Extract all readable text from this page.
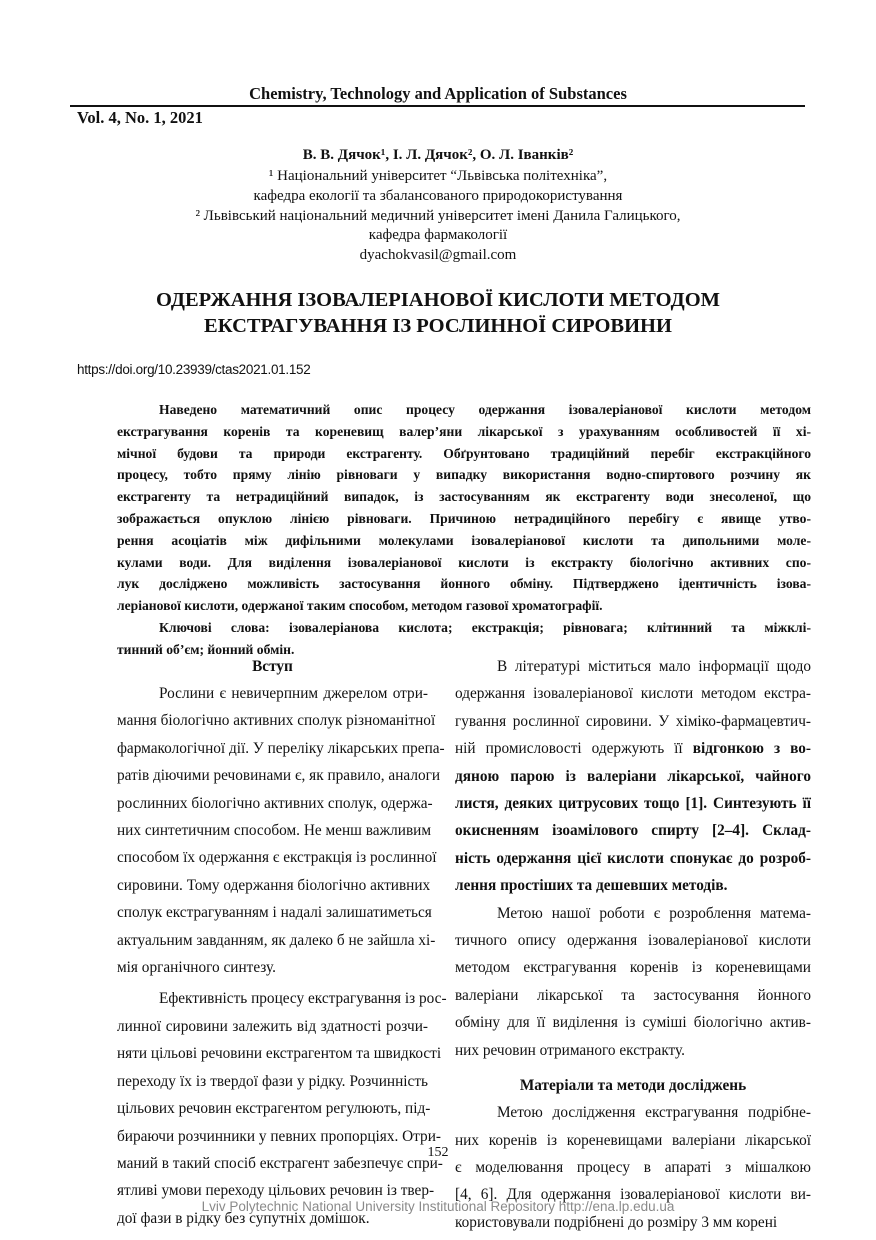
Chemistry, Technology and Application of Substances
Vol. 4, No. 1, 2021
В. В. Дячок¹, І. Л. Дячок², О. Л. Іванків²
¹ Національний університет “Львівська політехніка”,
кафедра екології та збалансованого природокористування
² Львівський національний медичний університет імені Данила Галицького,
кафедра фармакології
dyachokvasil@gmail.com
ОДЕРЖАННЯ ІЗОВАЛЕРІАНОВОЇ КИСЛОТИ МЕТОДОМ
ЕКСТРАГУВАННЯ ІЗ РОСЛИННОЇ СИРОВИНИ
https://doi.org/10.23939/ctas2021.01.152
Наведено математичний опис процесу одержання ізовалеріанової кислоти методом
екстрагування коренів та кореневищ валер’яни лікарської з урахуванням особливостей її хі-
мічної будови та природи екстрагенту. Обґрунтовано традиційний перебіг екстракційного
процесу, тобто пряму лінію рівноваги у випадку використання водно-спиртового розчину як
екстрагенту та нетрадиційний випадок, із застосуванням як екстрагенту води знесоленої, що
зображається опуклою лінією рівноваги. Причиною нетрадиційного перебігу є явище утво-
рення асоціатів між дифільними молекулами ізовалеріанової кислоти та дипольними моле-
кулами води. Для виділення ізовалеріанової кислоти із екстракту біологічно активних спо-
лук досліджено можливість застосування йонного обміну. Підтверджено ідентичність ізова-
леріанової кислоти, одержаної таким способом, методом газової хроматографії.
Ключові слова: ізовалеріанова кислота; екстракція; рівновага; клітинний та міжклі-
тинний об’єм; йонний обмін.
Вступ
Рослини є невичерпним джерелом отри-
мання біологічно активних сполук різноманітної
фармакологічної дії. У переліку лікарських препа-
ратів діючими речовинами є, як правило, аналоги
рослинних біологічно активних сполук, одержа-
них синтетичним способом. Не менш важливим
способом їх одержання є екстракція із рослинної
сировини. Тому одержання біологічно активних
сполук екстрагуванням і надалі залишатиметься
актуальним завданням, як далеко б не зайшла хі-
мія органічного синтезу.
Ефективність процесу екстрагування із рос-
линної сировини залежить від здатності розчи-
няти цільові речовини екстрагентом та швидкості
переходу їх із твердої фази у рідку. Розчинність
цільових речовин екстрагентом регулюють, під-
бираючи розчинники у певних пропорціях. Отри-
маний в такий спосіб екстрагент забезпечує спри-
ятливі умови переходу цільових речовин із твер-
дої фази в рідку без супутніх домішок.
В літературі міститься мало інформації щодо
одержання ізовалеріанової кислоти методом екстра-
гування рослинної сировини. У хіміко-фармацевтич-
ній промисловості одержують її відгонкою з во-
дяною парою із валеріани лікарської, чайного
листя, деяких цитрусових тощо [1]. Синтезують її
окисненням ізоамілового спирту [2–4]. Склад-
ність одержання цієї кислоти спонукає до розроб-
лення простіших та дешевших методів.
Метою нашої роботи є розроблення матема-
тичного опису одержання ізовалеріанової кислоти
методом екстрагування коренів із кореневищами
валеріани лікарської та застосування йонного
обміну для її виділення із суміші біологічно актив-
них речовин отриманого екстракту.
Матеріали та методи досліджень
Метою дослідження екстрагування подрібне-
них коренів із кореневищами валеріани лікарської
є моделювання процесу в апараті з мішалкою
[4, 6]. Для одержання ізовалеріанової кислоти ви-
користовували подрібнені до розміру 3 мм корені
152
Lviv Polytechnic National University Institutional Repository http://ena.lp.edu.ua
